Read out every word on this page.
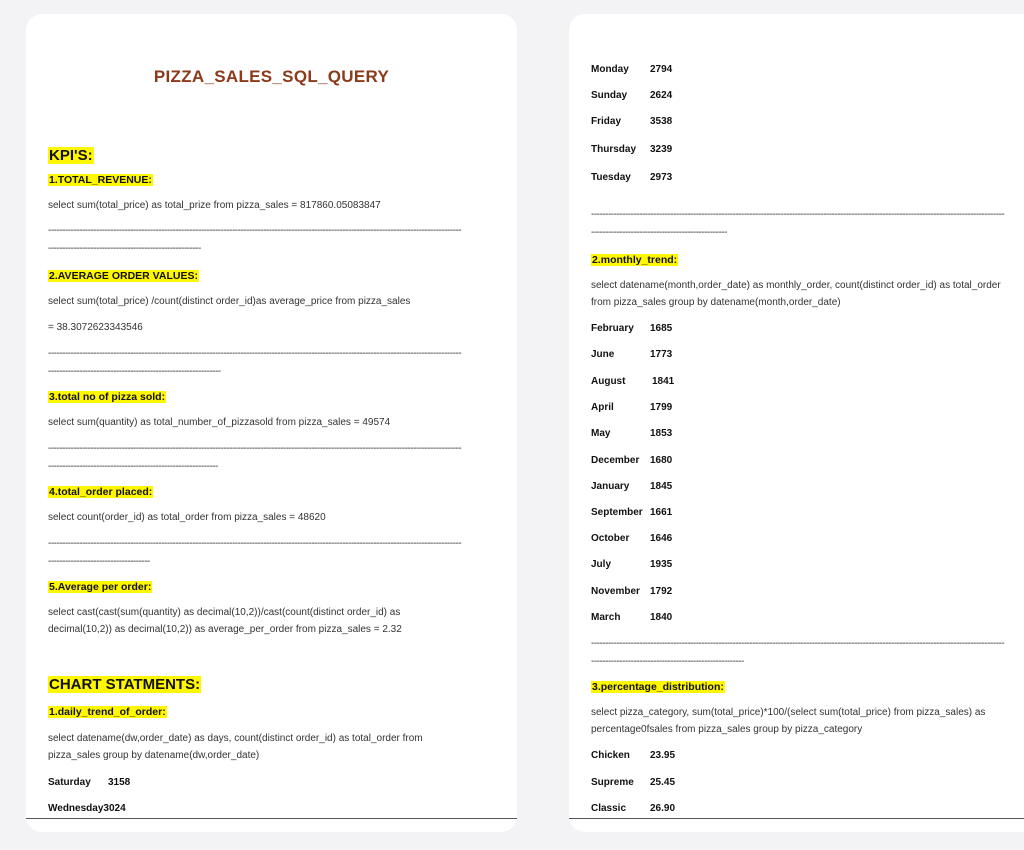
PIZZA_SALES_SQL_QUERY
KPI'S:
1.TOTAL_REVENUE:
select sum(total_price) as total_prize from pizza_sales = 817860.05083847
--------------------------------------------------------------------------------------------------------------------------------------------------
------------------------------------------------------
2.AVERAGE ORDER VALUES:
select sum(total_price) /count(distinct order_id)as average_price from pizza_sales
= 38.3072623343546
--------------------------------------------------------------------------------------------------------------------------------------------------
-------------------------------------------------------------
3.total no of pizza sold:
select sum(quantity) as total_number_of_pizzasold from pizza_sales = 49574
--------------------------------------------------------------------------------------------------------------------------------------------------
------------------------------------------------------------
4.total_order placed:
select count(order_id) as total_order from pizza_sales = 48620
--------------------------------------------------------------------------------------------------------------------------------------------------
------------------------------------
5.Average per order:
select cast(cast(sum(quantity) as decimal(10,2))/cast(count(distinct order_id) as
decimal(10,2)) as decimal(10,2)) as average_per_order from pizza_sales = 2.32
CHART STATMENTS:
1.daily_trend_of_order:
select datename(dw,order_date) as days, count(distinct order_id) as total_order from
pizza_sales group by datename(dw,order_date)
Saturday 3158
Wednesday3024
Monday 2794
Sunday 2624
Friday	3538
Thursday 3239
Tuesday 2973
--------------------------------------------------------------------------------------------------------------------------------------------------
------------------------------------------------
2.monthly_trend:
select datename(month,order_date) as monthly_order, count(distinct order_id) as total_order
from pizza_sales group by datename(month,order_date)
February 1685
June	1773
August	1841
April	1799
May	1853
December 1680
January 1845
September 1661
October 1646
July	1935
November 1792
March	1840
--------------------------------------------------------------------------------------------------------------------------------------------------
------------------------------------------------------
3.percentage_distribution:
select pizza_category, sum(total_price)*100/(select sum(total_price) from pizza_sales) as
percentage0fsales from pizza_sales group by pizza_category
Chicken 23.95
Supreme 25.45
Classic 26.90
